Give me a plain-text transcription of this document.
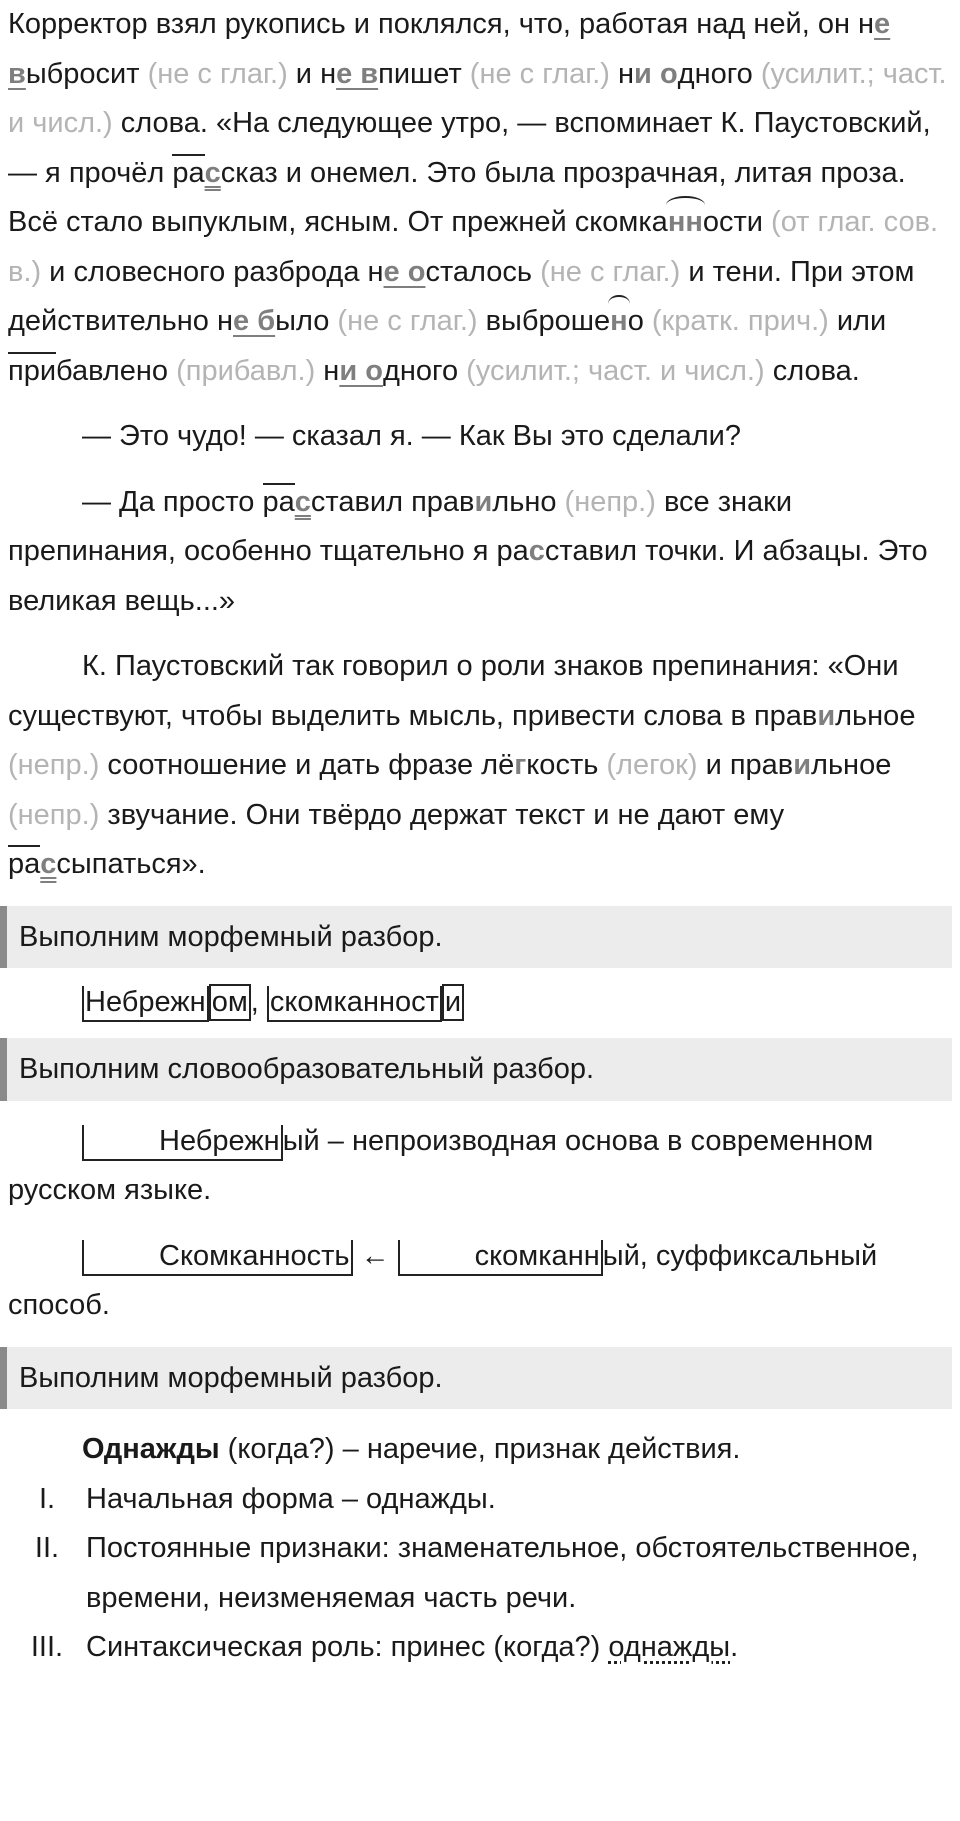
Корректор взял рукопись и поклялся, что, работая над ней, он не выбросит (не с глаг.) и не впишет (не с глаг.) ни одного (усилит.; част. и числ.) слова. «На следующее утро, — вспоминает К. Паустовский, — я прочёл рассказ и онемел. Это была прозрачная, литая проза. Всё стало выпуклым, ясным. От прежней скомканности (от глаг. сов. в.) и словесного разброда не осталось (не с глаг.) и тени. При этом действительно не было (не с глаг.) выброшено (кратк. прич.) или прибавлено (прибавл.) ни одного (усилит.; част. и числ.) слова.

— Это чудо! — сказал я. — Как Вы это сделали?

— Да просто расставил правильно (непр.) все знаки препинания, особенно тщательно я расставил точки. И абзацы. Это великая вещь...»

К. Паустовский так говорил о роли знаков препинания: «Они существуют, чтобы выделить мысль, привести слова в правильное (непр.) соотношение и дать фразе лёгкость (легок) и правильное (непр.) звучание. Они твёрдо держат текст и не дают ему рассыпаться».

Выполним морфемный разбор.
Небрежн ом , скомканност и
Выполним словообразовательный разбор.

Небрежн ый – непроизводная основа в современном русском языке.

Скомканность ←	скомканн ый, суффиксальный способ.

Выполним морфемный разбор.

Однажды (когда?) – наречие, признак действия.

I.	Начальная форма – однажды.
II. Постоянные признаки: знаменательное, обстоятельственное, времени, неизменяемая часть речи.
III. Синтаксическая роль: принес (когда?) однажды.
